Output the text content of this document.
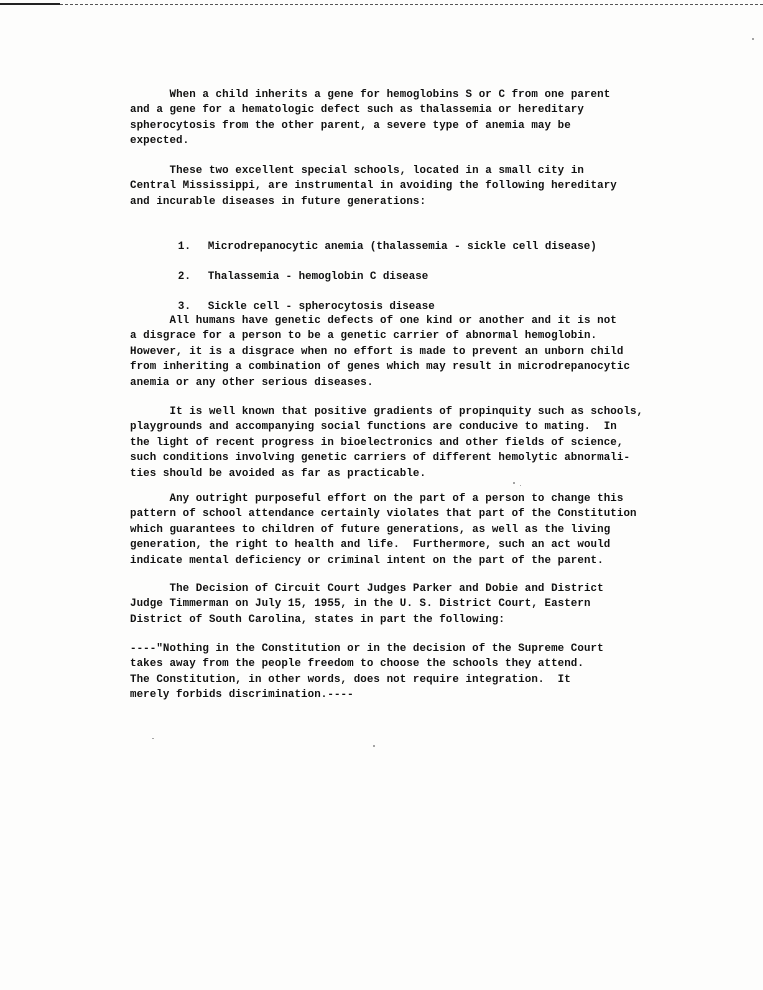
When a child inherits a gene for hemoglobins S or C from one parent
and a gene for a hematologic defect such as thalassemia or hereditary
spherocytosis from the other parent, a severe type of anemia may be
expected.

These two excellent special schools, located in a small city in
Central Mississippi, are instrumental in avoiding the following hereditary
and incurable diseases in future generations:

1. Microdrepanocytic anemia (thalassemia - sickle cell disease)

2. Thalassemia - hemoglobin C disease

3. Sickle cell - spherocytosis disease

All humans have genetic defects of one kind or another and it is not
a disgrace for a person to be a genetic carrier of abnormal hemoglobin.
However, it is a disgrace when no effort is made to prevent an unborn child
from inheriting a combination of genes which may result in microdrepanocytic
anemia or any other serious diseases.

It is well known that positive gradients of propinquity such as schools,
playgrounds and accompanying social functions are conducive to mating.  In
the light of recent progress in bioelectronics and other fields of science,
such conditions involving genetic carriers of different hemolytic abnormali-
ties should be avoided as far as practicable.

Any outright purposeful effort on the part of a person to change this
pattern of school attendance certainly violates that part of the Constitution
which guarantees to children of future generations, as well as the living
generation, the right to health and life.  Furthermore, such an act would
indicate mental deficiency or criminal intent on the part of the parent.

The Decision of Circuit Court Judges Parker and Dobie and District
Judge Timmerman on July 15, 1955, in the U. S. District Court, Eastern
District of South Carolina, states in part the following:

----"Nothing in the Constitution or in the decision of the Supreme Court
takes away from the people freedom to choose the schools they attend.
The Constitution, in other words, does not require integration.  It
merely forbids discrimination.----
